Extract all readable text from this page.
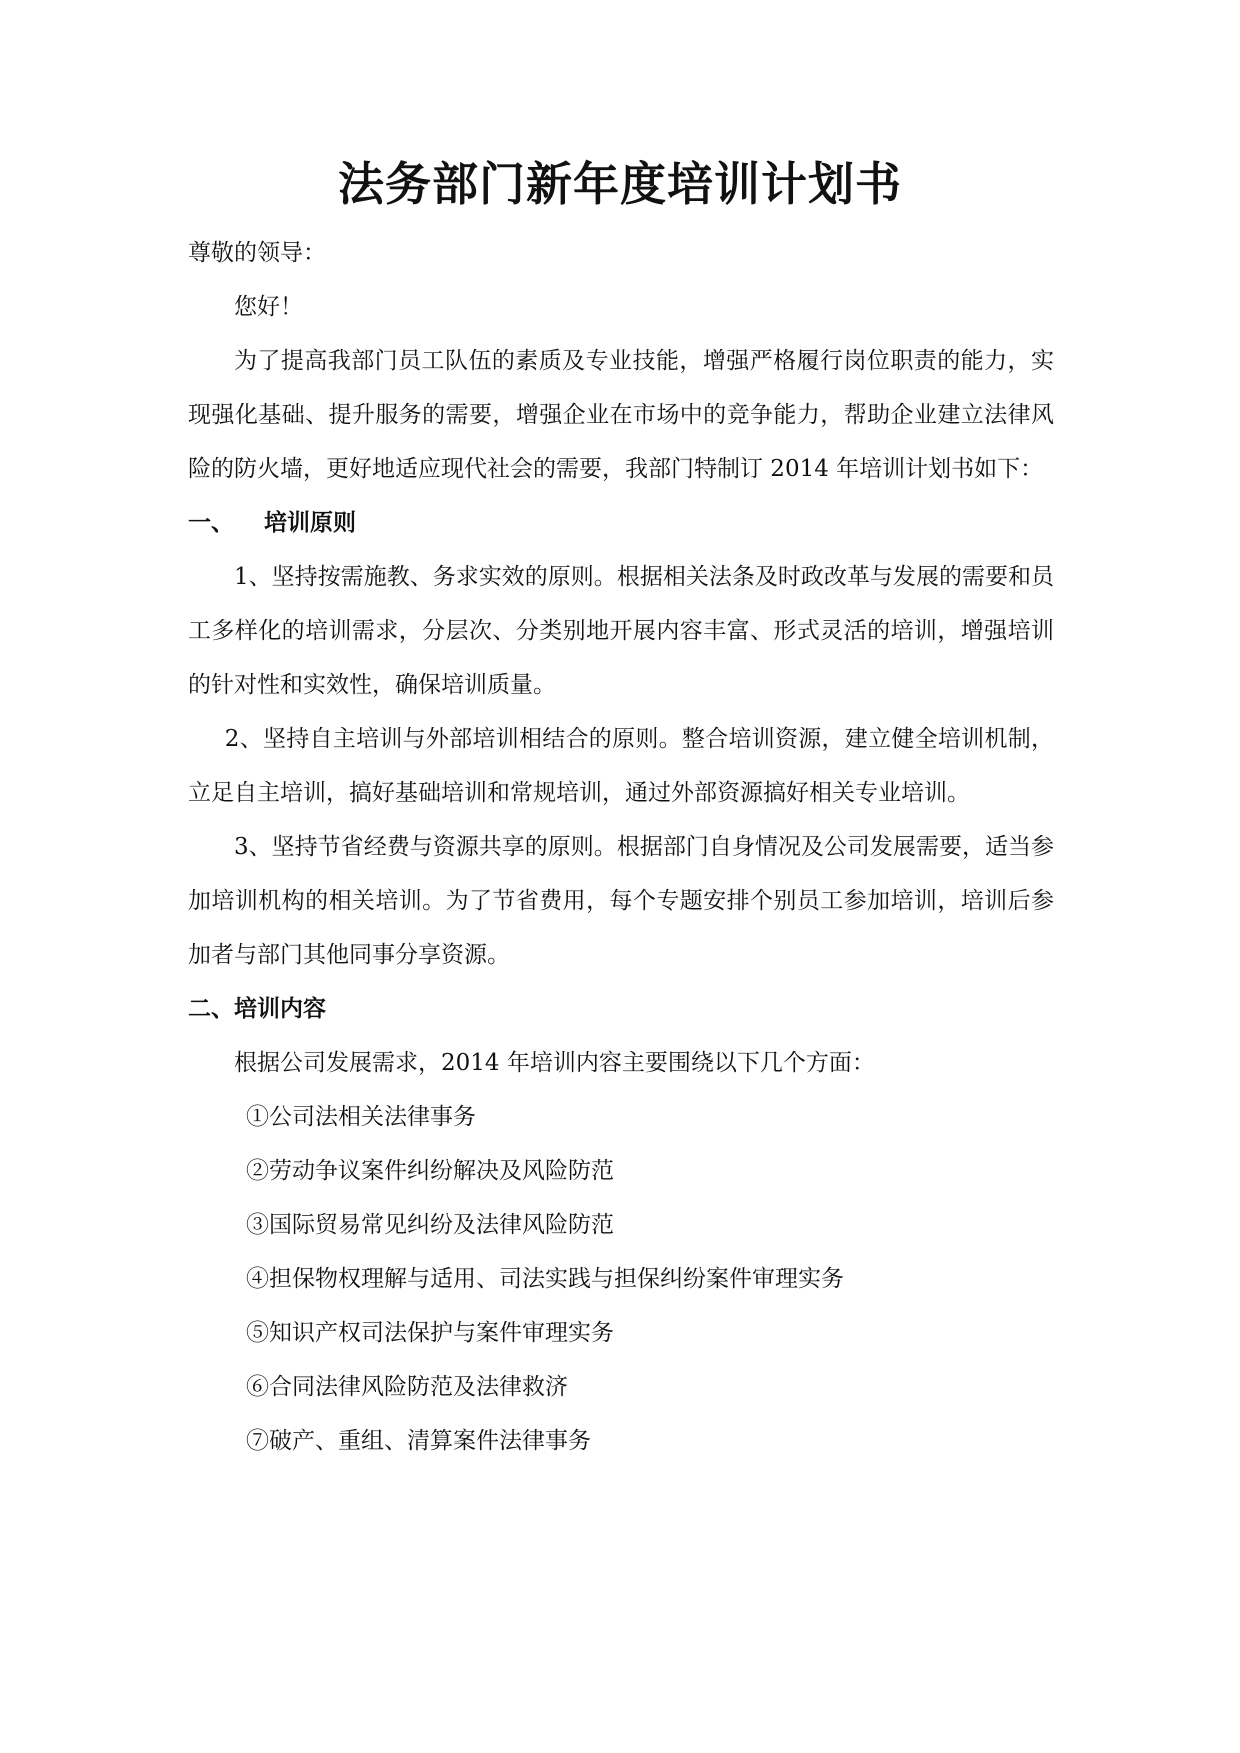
法务部门新年度培训计划书

尊敬的领导：

您好！

为了提高我部门员工队伍的素质及专业技能，增强严格履行岗位职责的能力，实现强化基础、提升服务的需要，增强企业在市场中的竞争能力，帮助企业建立法律风险的防火墙，更好地适应现代社会的需要，我部门特制订 2014 年培训计划书如下：

一、 培训原则

1、坚持按需施教、务求实效的原则。根据相关法条及时政改革与发展的需要和员工多样化的培训需求，分层次、分类别地开展内容丰富、形式灵活的培训，增强培训的针对性和实效性，确保培训质量。

2、坚持自主培训与外部培训相结合的原则。整合培训资源，建立健全培训机制，立足自主培训，搞好基础培训和常规培训，通过外部资源搞好相关专业培训。

3、坚持节省经费与资源共享的原则。根据部门自身情况及公司发展需要，适当参加培训机构的相关培训。为了节省费用，每个专题安排个别员工参加培训，培训后参加者与部门其他同事分享资源。

二、培训内容

根据公司发展需求，2014 年培训内容主要围绕以下几个方面：

①公司法相关法律事务

②劳动争议案件纠纷解决及风险防范

③国际贸易常见纠纷及法律风险防范

④担保物权理解与适用、司法实践与担保纠纷案件审理实务

⑤知识产权司法保护与案件审理实务

⑥合同法律风险防范及法律救济

⑦破产、重组、清算案件法律事务
